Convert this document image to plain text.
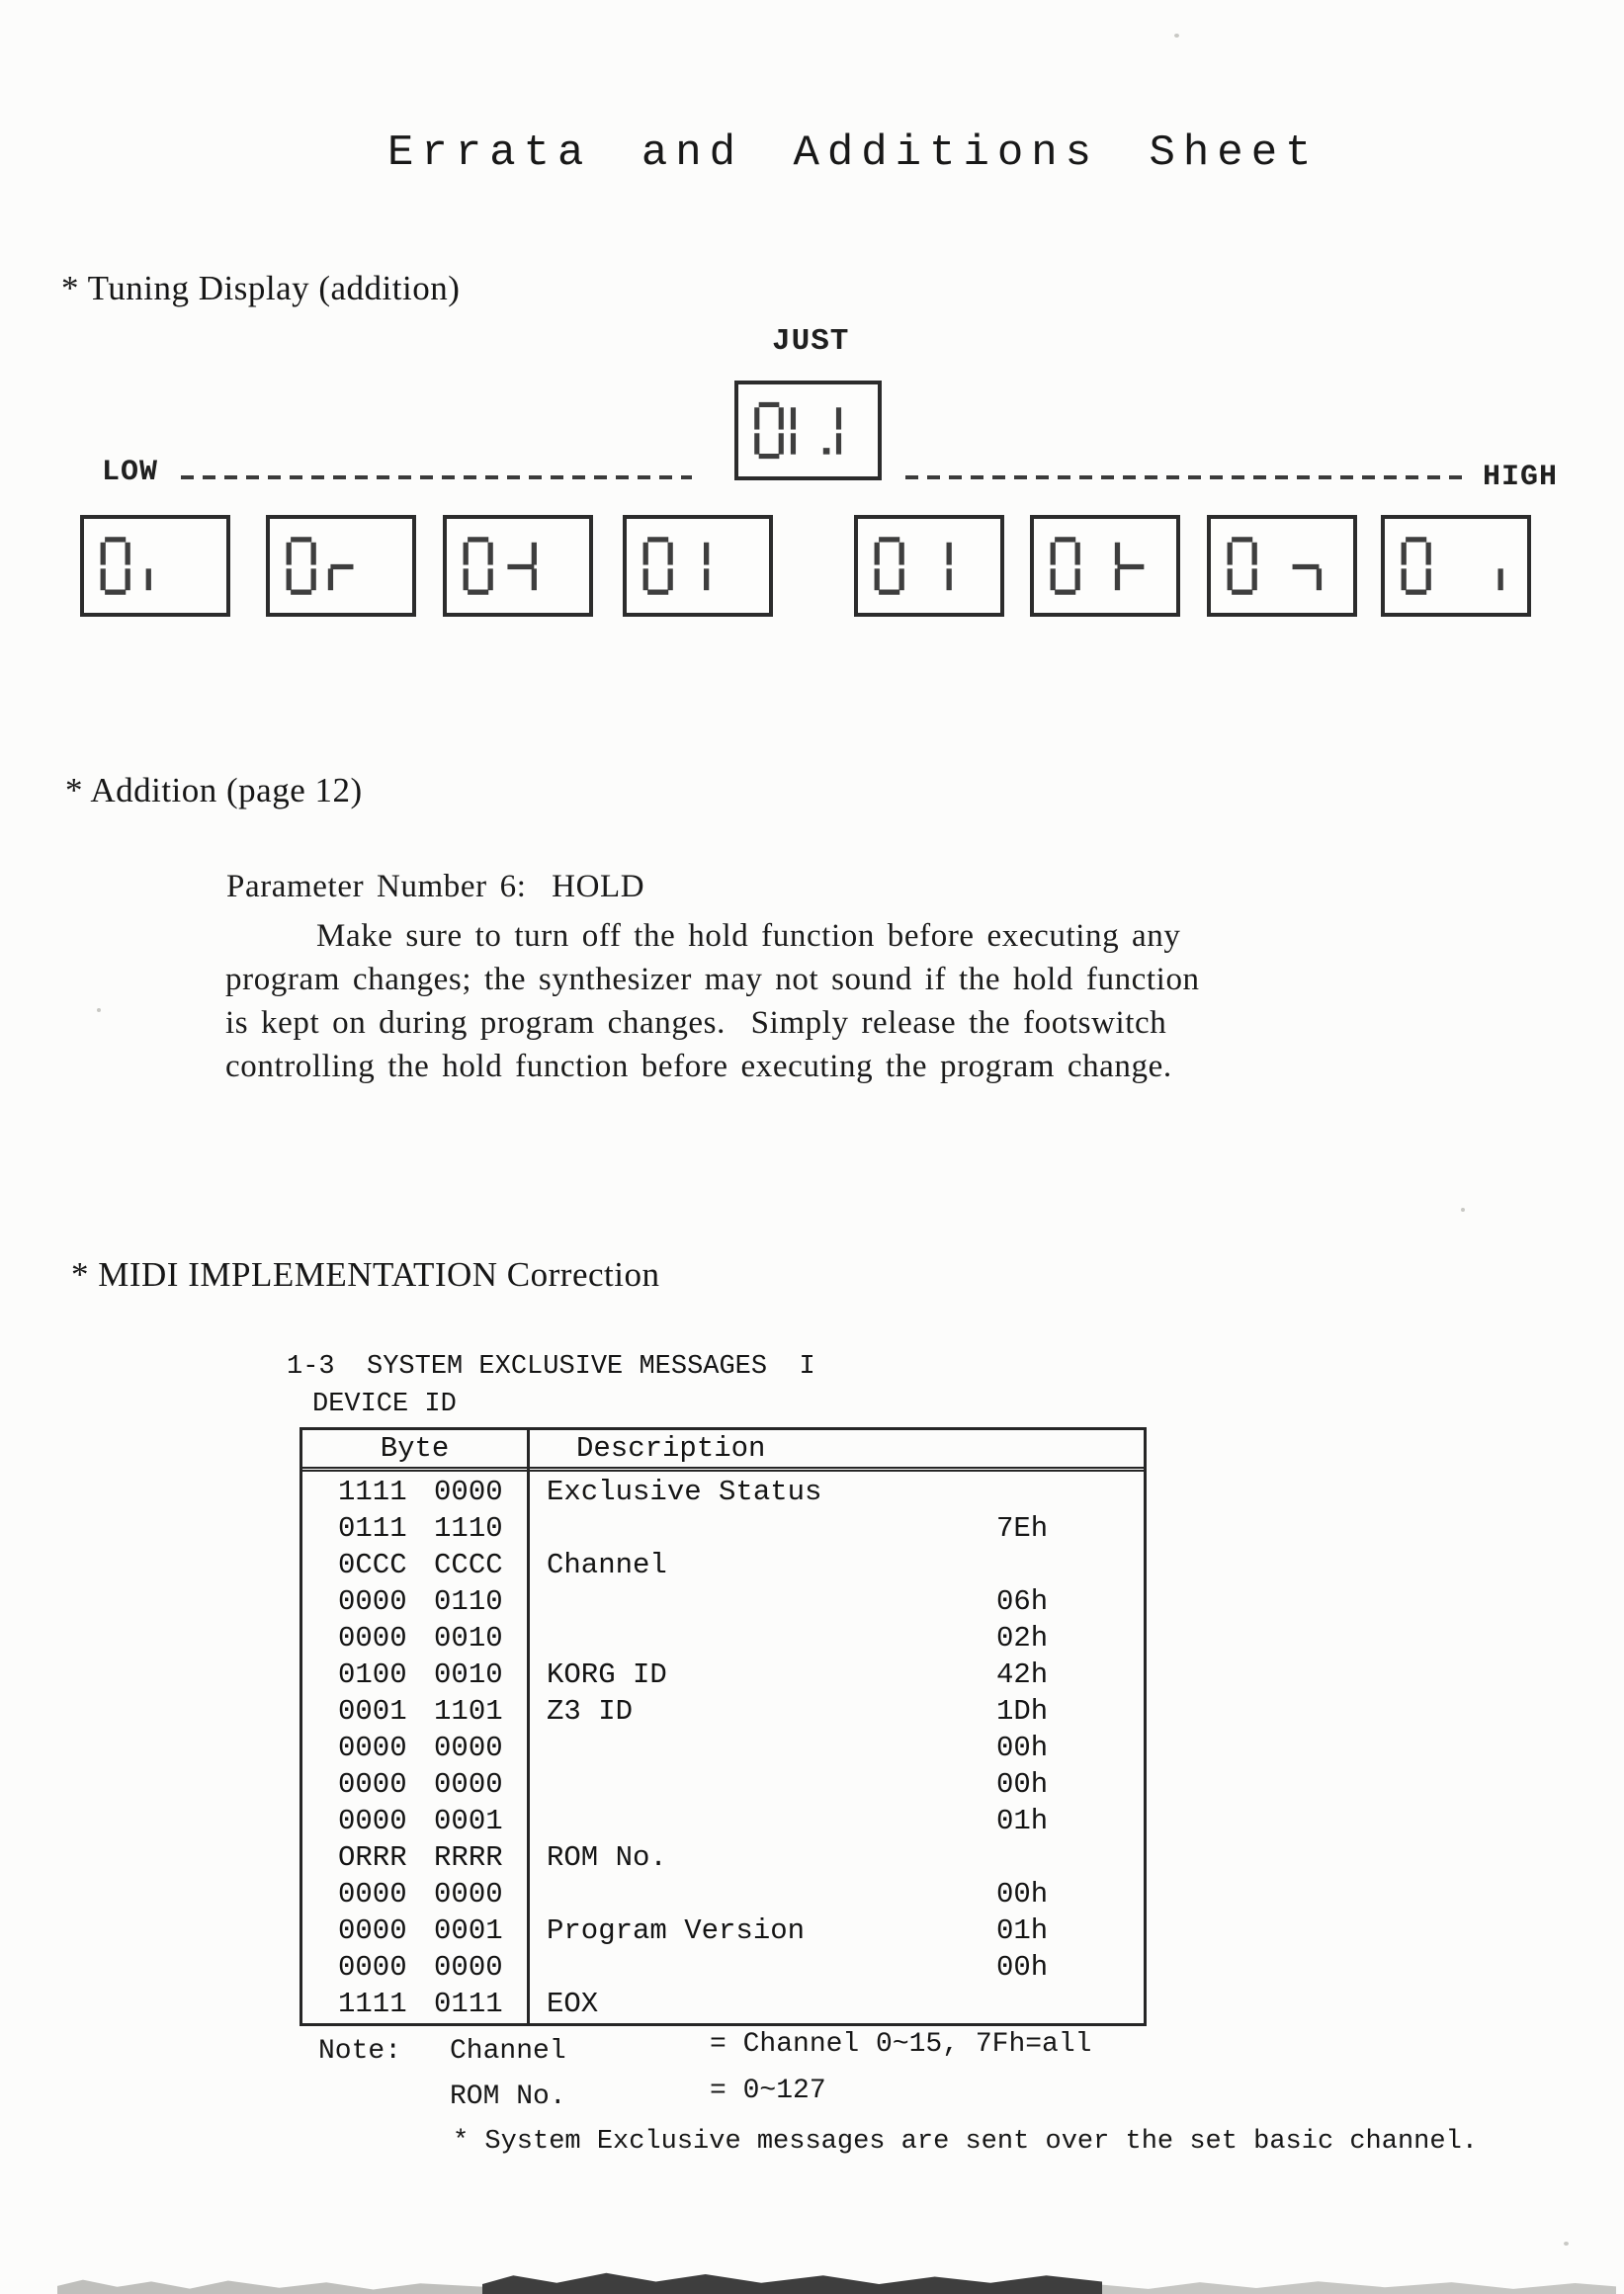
Errata and Additions Sheet
* Tuning Display (addition)
JUST
LOW	HIGH
* Addition (page 12)
Parameter Number 6:  HOLD
Make sure to turn off the hold function before executing any
program changes; the synthesizer may not sound if the hold function
is kept on during program changes.  Simply release the footswitch
controlling the hold function before executing the program change.
* MIDI IMPLEMENTATION Correction
1-3  SYSTEM EXCLUSIVE MESSAGES  I
DEVICE ID
Byte	Description
1111 0000 Exclusive Status
0111 1110	7Eh
0CCC CCCC Channel
0000 0110	06h
0000 0010	02h
0100 0010 KORG ID	42h
0001 1101 Z3 ID	1Dh
0000 0000	00h
0000 0000	00h
0000 0001	01h
ORRR RRRR ROM No.
0000 0000	00h
0000 0001 Program Version	01h
0000 0000	00h
1111 0111 EOX
Note: Channel	= Channel 0~15, 7Fh=all
ROM No.	= 0~127
* System Exclusive messages are sent over the set basic channel.
